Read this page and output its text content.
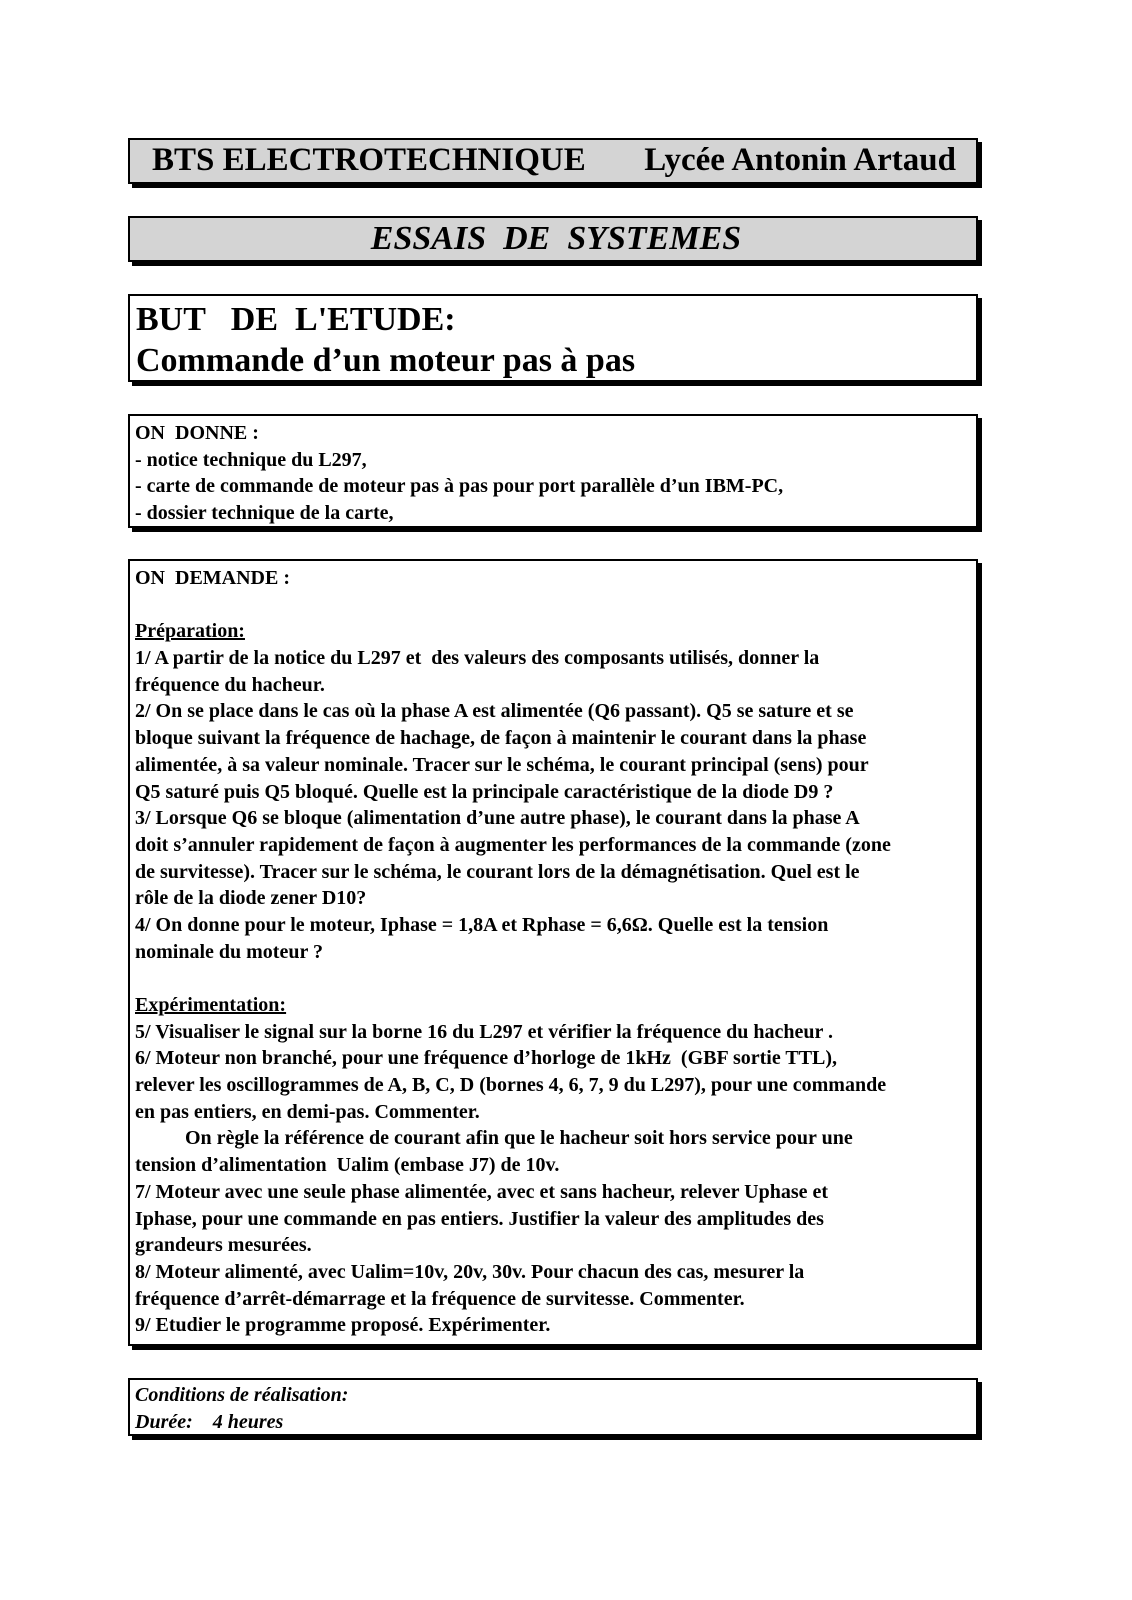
BTS ELECTROTECHNIQUE Lycée Antonin Artaud
ESSAIS  DE  SYSTEMES
BUT   DE  L'ETUDE:
Commande d’un moteur pas à pas
ON  DONNE :
- notice technique du L297,
- carte de commande de moteur pas à pas pour port parallèle d’un IBM-PC,
- dossier technique de la carte,
ON  DEMANDE :
Préparation:
1/ A partir de la notice du L297 et  des valeurs des composants utilisés, donner la
fréquence du hacheur.
2/ On se place dans le cas où la phase A est alimentée (Q6 passant). Q5 se sature et se
bloque suivant la fréquence de hachage, de façon à maintenir le courant dans la phase
alimentée, à sa valeur nominale. Tracer sur le schéma, le courant principal (sens) pour
Q5 saturé puis Q5 bloqué. Quelle est la principale caractéristique de la diode D9 ?
3/ Lorsque Q6 se bloque (alimentation d’une autre phase), le courant dans la phase A
doit s’annuler rapidement de façon à augmenter les performances de la commande (zone
de survitesse). Tracer sur le schéma, le courant lors de la démagnétisation. Quel est le
rôle de la diode zener D10?
4/ On donne pour le moteur, Iphase = 1,8A et Rphase = 6,6Ω. Quelle est la tension
nominale du moteur ?
Expérimentation:
5/ Visualiser le signal sur la borne 16 du L297 et vérifier la fréquence du hacheur .
6/ Moteur non branché, pour une fréquence d’horloge de 1kHz  (GBF sortie TTL),
relever les oscillogrammes de A, B, C, D (bornes 4, 6, 7, 9 du L297), pour une commande
en pas entiers, en demi-pas. Commenter.
On règle la référence de courant afin que le hacheur soit hors service pour une
tension d’alimentation  Ualim (embase J7) de 10v.
7/ Moteur avec une seule phase alimentée, avec et sans hacheur, relever Uphase et
Iphase, pour une commande en pas entiers. Justifier la valeur des amplitudes des
grandeurs mesurées.
8/ Moteur alimenté, avec Ualim=10v, 20v, 30v. Pour chacun des cas, mesurer la
fréquence d’arrêt-démarrage et la fréquence de survitesse. Commenter.
9/ Etudier le programme proposé. Expérimenter.
Conditions de réalisation:
Durée:    4 heures
